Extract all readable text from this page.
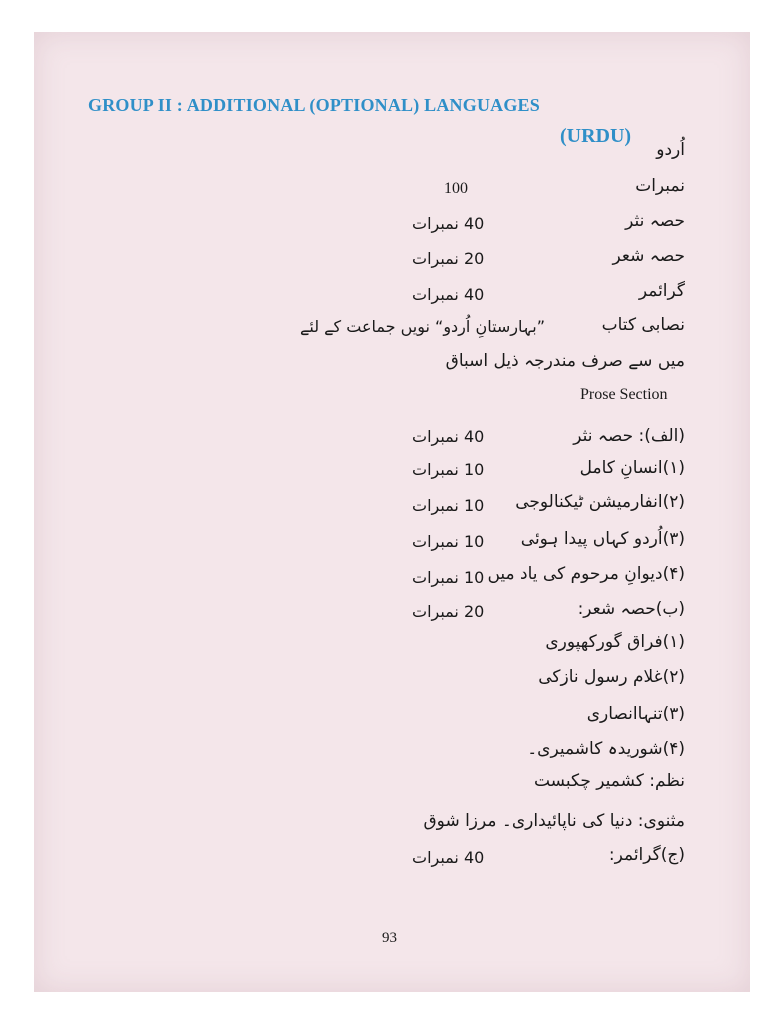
GROUP II : ADDITIONAL (OPTIONAL) LANGUAGES
(URDU)
اُردو
نمبرات
100
حصہ نثر
40 نمبرات
حصہ شعر
20 نمبرات
گرائمر
40 نمبرات
نصابی کتاب
”بہارستانِ اُردو“ نویں جماعت کے لئے
میں سے صرف مندرجہ ذیل اسباق
Prose Section
(الف): حصہ نثر
40 نمبرات
(۱)انسانِ کامل
10 نمبرات
(۲)انفارمیشن ٹیکنالوجی
10 نمبرات
(۳)اُردو کہاں پیدا ہوئی
10 نمبرات
(۴)دیوانِ مرحوم کی یاد میں
10 نمبرات
(ب)حصہ شعر:
20 نمبرات
(۱)فراق گورکھپوری
(۲)غلام رسول نازکی
(۳)تنہاانصاری
(۴)شوریدہ کاشمیری۔
نظم: کشمیر چکبست
مثنوی: دنیا کی ناپائیداری۔ مرزا شوق
(ج)گرائمر:
40 نمبرات
93
